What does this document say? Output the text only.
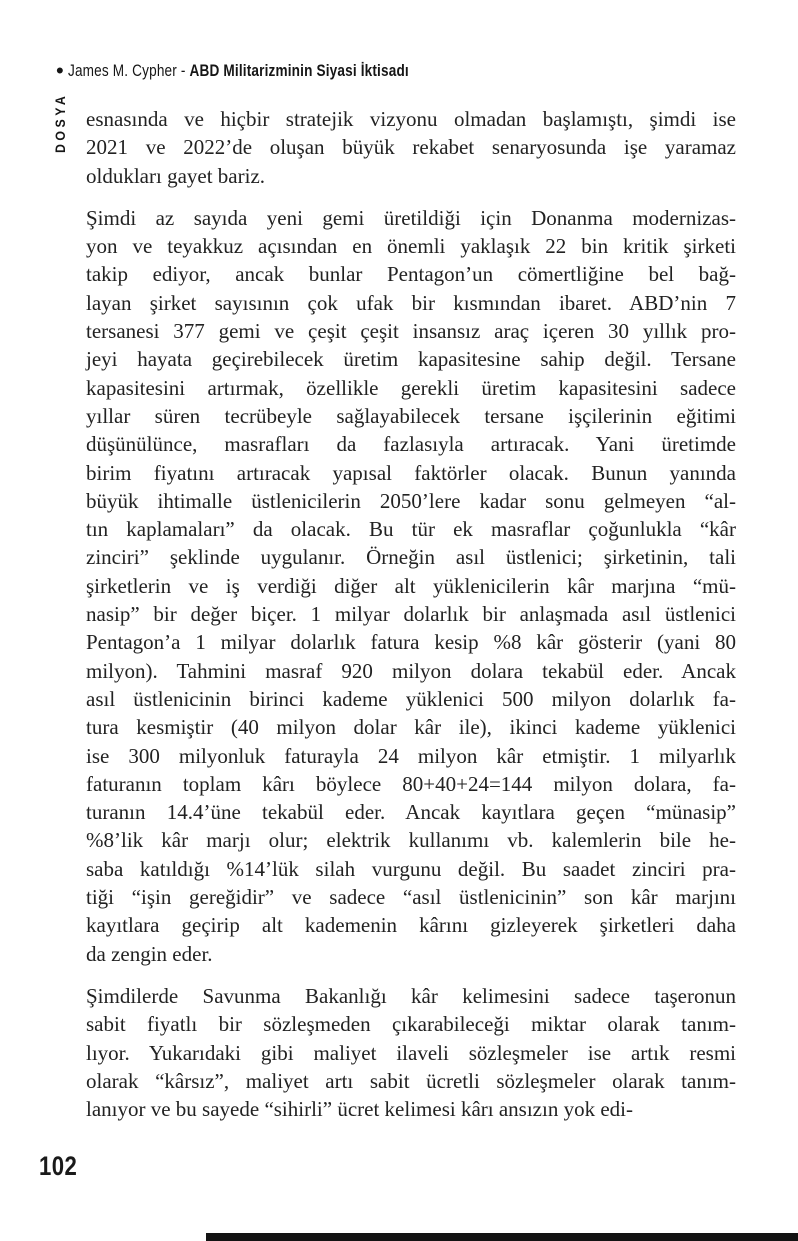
• James M. Cypher - ABD Militarizminin Siyasi İktisadı
DOSYA esnasında ve hiçbir stratejik vizyonu olmadan başlamıştı, şimdi ise
2021 ve 2022’de oluşan büyük rekabet senaryosunda işe yaramaz
oldukları gayet bariz.
Şimdi az sayıda yeni gemi üretildiği için Donanma modernizas-
yon ve teyakkuz açısından en önemli yaklaşık 22 bin kritik şirketi
takip ediyor, ancak bunlar Pentagon’un cömertliğine bel bağ-
layan şirket sayısının çok ufak bir kısmından ibaret. ABD’nin 7
tersanesi 377 gemi ve çeşit çeşit insansız araç içeren 30 yıllık pro-
jeyi hayata geçirebilecek üretim kapasitesine sahip değil. Tersane
kapasitesini artırmak, özellikle gerekli üretim kapasitesini sadece
yıllar süren tecrübeyle sağlayabilecek tersane işçilerinin eğitimi
düşünülünce, masrafları da fazlasıyla artıracak. Yani üretimde
birim fiyatını artıracak yapısal faktörler olacak. Bunun yanında
büyük ihtimalle üstlenicilerin 2050’lere kadar sonu gelmeyen “al-
tın kaplamaları” da olacak. Bu tür ek masraflar çoğunlukla “kâr
zinciri” şeklinde uygulanır. Örneğin asıl üstlenici; şirketinin, tali
şirketlerin ve iş verdiği diğer alt yüklenicilerin kâr marjına “mü-
nasip” bir değer biçer. 1 milyar dolarlık bir anlaşmada asıl üstlenici
Pentagon’a 1 milyar dolarlık fatura kesip %8 kâr gösterir (yani 80
milyon). Tahmini masraf 920 milyon dolara tekabül eder. Ancak
asıl üstlenicinin birinci kademe yüklenici 500 milyon dolarlık fa-
tura kesmiştir (40 milyon dolar kâr ile), ikinci kademe yüklenici
ise 300 milyonluk faturayla 24 milyon kâr etmiştir. 1 milyarlık
faturanın toplam kârı böylece 80+40+24=144 milyon dolara, fa-
turanın 14.4’üne tekabül eder. Ancak kayıtlara geçen “münasip”
%8’lik kâr marjı olur; elektrik kullanımı vb. kalemlerin bile he-
saba katıldığı %14’lük silah vurgunu değil. Bu saadet zinciri pra-
tiği “işin gereğidir” ve sadece “asıl üstlenicinin” son kâr marjını
kayıtlara geçirip alt kademenin kârını gizleyerek şirketleri daha
da zengin eder.
Şimdilerde Savunma Bakanlığı kâr kelimesini sadece taşeronun
sabit fiyatlı bir sözleşmeden çıkarabileceği miktar olarak tanım-
lıyor. Yukarıdaki gibi maliyet ilaveli sözleşmeler ise artık resmi
olarak “kârsız”, maliyet artı sabit ücretli sözleşmeler olarak tanım-
lanıyor ve bu sayede “sihirli” ücret kelimesi kârı ansızın yok edi-
102
